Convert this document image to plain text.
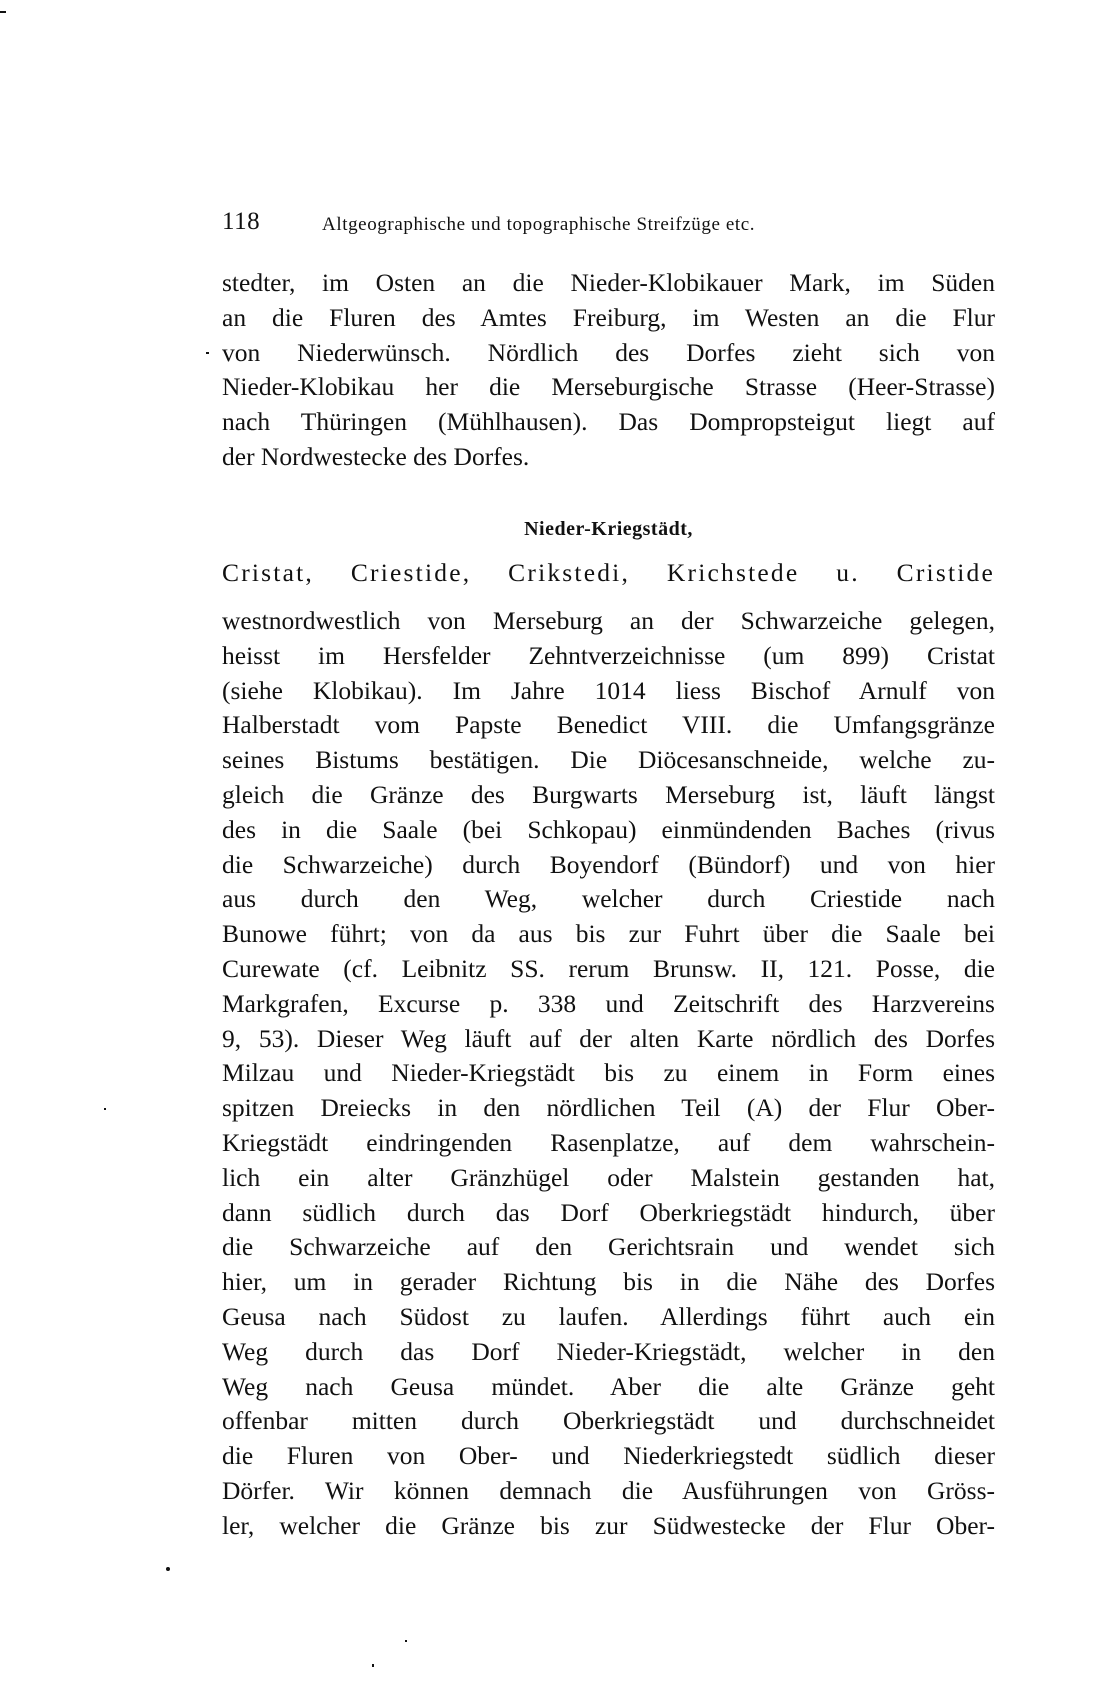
118	Altgeographische und topographische Streifzüge etc.
stedter, im Osten an die Nieder-Klobikauer Mark, im Süden
an die Fluren des Amtes Freiburg, im Westen an die Flur
von Niederwünsch. Nördlich des Dorfes zieht sich von
Nieder-Klobikau her die Merseburgische Strasse (Heer-Strasse)
nach Thüringen (Mühlhausen). Das Dompropsteigut liegt auf
der Nordwestecke des Dorfes.
Nieder-Kriegstädt,
Cristat, Criestide, Crikstedi, Krichstede u. Cristide
westnordwestlich von Merseburg an der Schwarzeiche gelegen,
heisst im Hersfelder Zehntverzeichnisse (um 899) Cristat
(siehe Klobikau). Im Jahre 1014 liess Bischof Arnulf von
Halberstadt vom Papste Benedict VIII. die Umfangsgränze
seines Bistums bestätigen. Die Diöcesanschneide, welche zu-
gleich die Gränze des Burgwarts Merseburg ist, läuft längst
des in die Saale (bei Schkopau) einmündenden Baches (rivus
die Schwarzeiche) durch Boyendorf (Bündorf) und von hier
aus durch den Weg, welcher durch Criestide nach
Bunowe führt; von da aus bis zur Fuhrt über die Saale bei
Curewate (cf. Leibnitz SS. rerum Brunsw. II, 121. Posse, die
Markgrafen, Excurse p. 338 und Zeitschrift des Harzvereins
9, 53). Dieser Weg läuft auf der alten Karte nördlich des Dorfes
Milzau und Nieder-Kriegstädt bis zu einem in Form eines
spitzen Dreiecks in den nördlichen Teil (A) der Flur Ober-
Kriegstädt eindringenden Rasenplatze, auf dem wahrschein-
lich ein alter Gränzhügel oder Malstein gestanden hat,
dann südlich durch das Dorf Oberkriegstädt hindurch, über
die Schwarzeiche auf den Gerichtsrain und wendet sich
hier, um in gerader Richtung bis in die Nähe des Dorfes
Geusa nach Südost zu laufen. Allerdings führt auch ein
Weg durch das Dorf Nieder-Kriegstädt, welcher in den
Weg nach Geusa mündet. Aber die alte Gränze geht
offenbar mitten durch Oberkriegstädt und durchschneidet
die Fluren von Ober- und Niederkriegstedt südlich dieser
Dörfer. Wir können demnach die Ausführungen von Gröss-
ler, welcher die Gränze bis zur Südwestecke der Flur Ober-
